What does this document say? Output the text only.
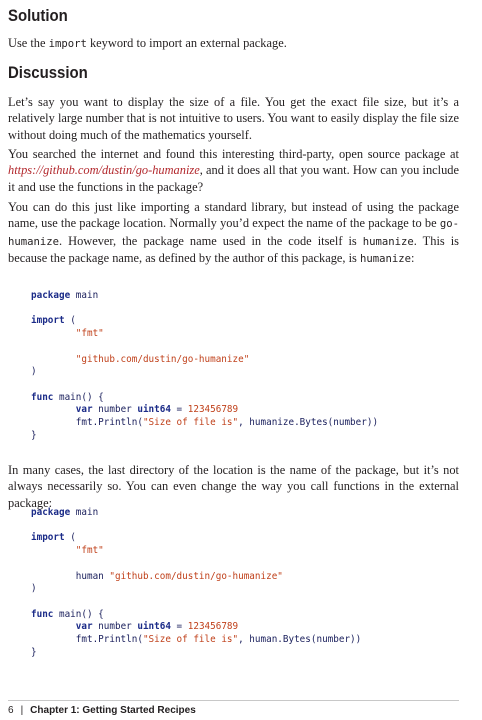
Solution

Use the import keyword to import an external package.

Discussion

Let’s say you want to display the size of a file. You get the exact file size, but it’s a relatively large number that is not intuitive to users. You want to easily display the file size without doing much of the mathematics yourself.

You searched the internet and found this interesting third-party, open source package at https://github.com/dustin/go-humanize, and it does all that you want. How can you include it and use the functions in the package?

You can do this just like importing a standard library, but instead of using the package name, use the package location. Normally you’d expect the name of the package to be go-humanize. However, the package name used in the code itself is humanize. This is because the package name, as defined by the author of this package, is humanize:

package main

import (
"fmt"

"github.com/dustin/go-humanize"
)

func main() {
var number uint64 = 123456789
fmt.Println("Size of file is", humanize.Bytes(number))
}

In many cases, the last directory of the location is the name of the package, but it’s not always necessarily so. You can even change the way you call functions in the external package:

package main

import (
"fmt"

human "github.com/dustin/go-humanize"
)

func main() {
var number uint64 = 123456789
fmt.Println("Size of file is", human.Bytes(number))
}
6 | Chapter 1: Getting Started Recipes
